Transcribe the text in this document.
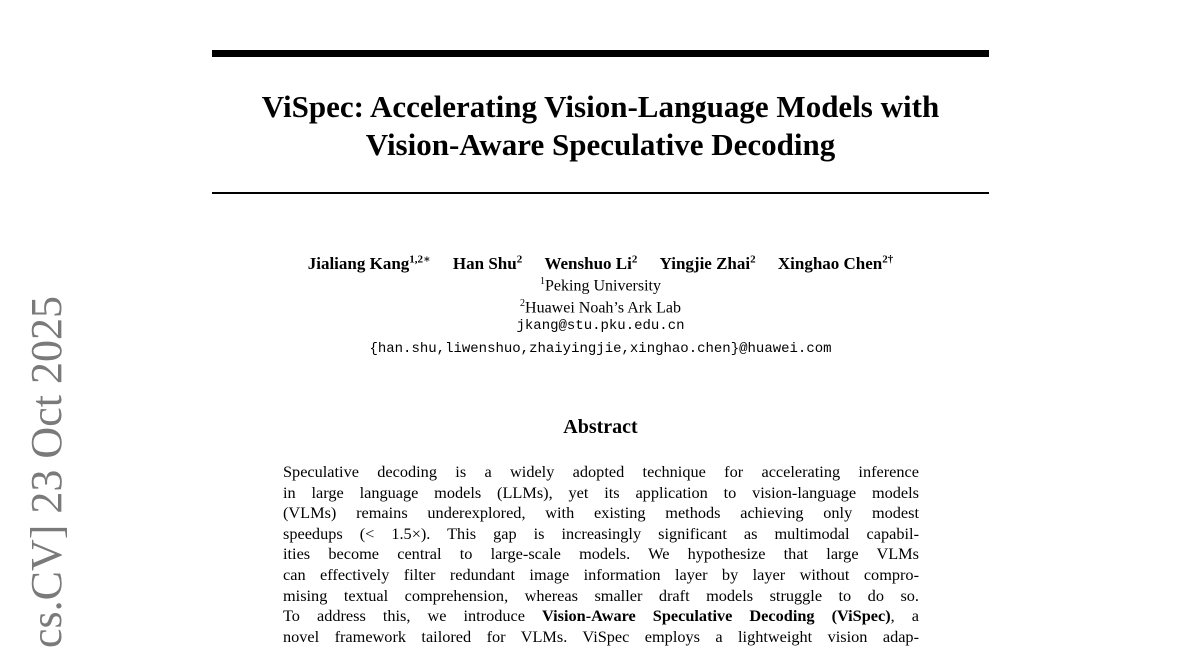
cs.CV] 23 Oct 2025
ViSpec: Accelerating Vision-Language Models with
Vision-Aware Speculative Decoding
Jialiang Kang$^{1,2∗}$ Han Shu$^2$ Wenshuo Li$^2$ Yingjie Zhai$^2$ Xinghao Chen$^{2\dagger}$
$^1$Peking University
$^2$Huawei Noah’s Ark Lab
jkang@stu.pku.edu.cn
{han.shu,liwenshuo,zhaiyingjie,xinghao.chen}@huawei.com
Abstract
Speculative decoding is a widely adopted technique for accelerating inference
in large language models (LLMs), yet its application to vision-language models
(VLMs) remains underexplored, with existing methods achieving only modest
speedups (< 1.5×). This gap is increasingly significant as multimodal capabil-
ities become central to large-scale models. We hypothesize that large VLMs
can effectively filter redundant image information layer by layer without compro-
mising textual comprehension, whereas smaller draft models struggle to do so.
To address this, we introduce Vision-Aware Speculative Decoding (ViSpec), a
novel framework tailored for VLMs. ViSpec employs a lightweight vision adap-
